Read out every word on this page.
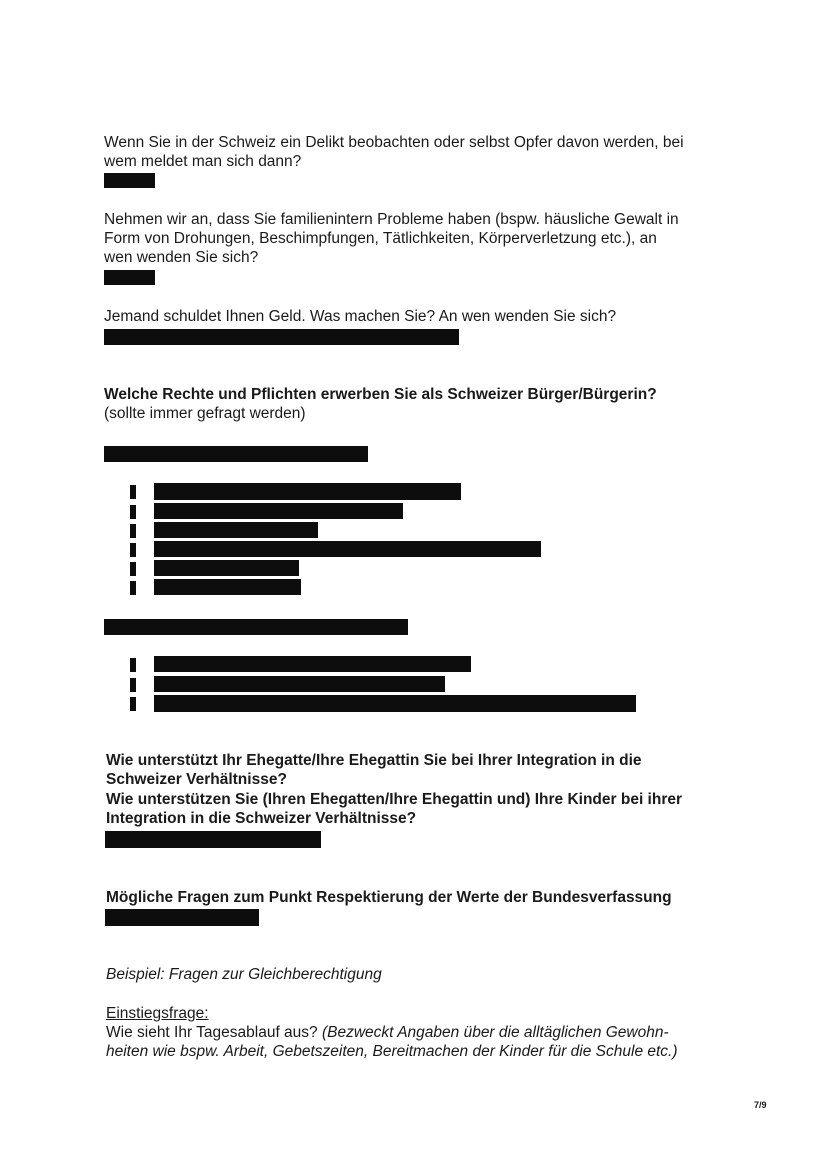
Wenn Sie in der Schweiz ein Delikt beobachten oder selbst Opfer davon werden, bei

wem meldet man sich dann?

Nehmen wir an, dass Sie familienintern Probleme haben (bspw. häusliche Gewalt in

Form von Drohungen, Beschimpfungen, Tätlichkeiten, Körperverletzung etc.), an

wen wenden Sie sich?

Jemand schuldet Ihnen Geld. Was machen Sie? An wen wenden Sie sich?

Welche Rechte und Pflichten erwerben Sie als Schweizer Bürger/Bürgerin?

(sollte immer gefragt werden)

Wie unterstützt Ihr Ehegatte/Ihre Ehegattin Sie bei Ihrer Integration in die

Schweizer Verhältnisse?

Wie unterstützen Sie (Ihren Ehegatten/Ihre Ehegattin und) Ihre Kinder bei ihrer

Integration in die Schweizer Verhältnisse?

Mögliche Fragen zum Punkt Respektierung der Werte der Bundesverfassung

Beispiel: Fragen zur Gleichberechtigung

Einstiegsfrage:

Wie sieht Ihr Tagesablauf aus? (Bezweckt Angaben über die alltäglichen Gewohn-

heiten wie bspw. Arbeit, Gebetszeiten, Bereitmachen der Kinder für die Schule etc.)

7/9
